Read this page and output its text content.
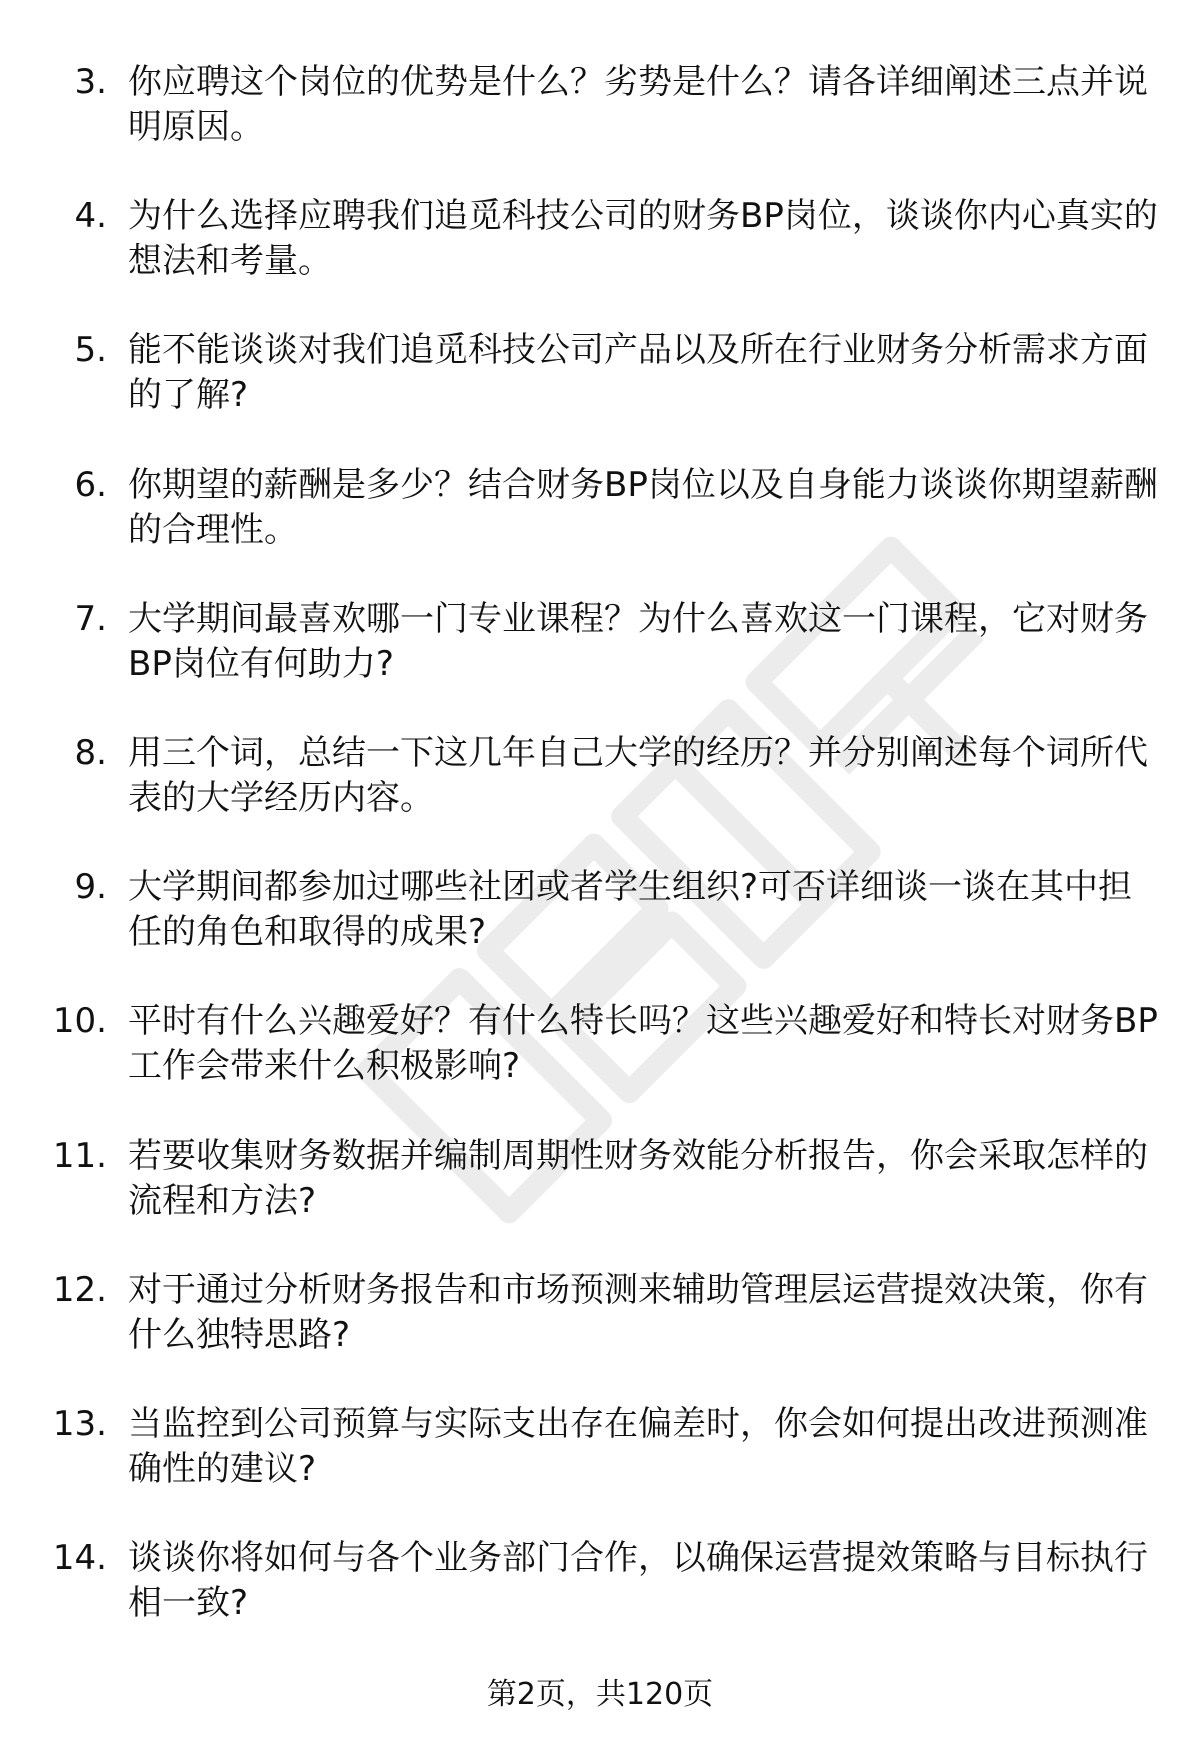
3. 你应聘这个岗位的优势是什么？劣势是什么？请各详细阐述三点并说明原因。
4. 为什么选择应聘我们追觅科技公司的财务BP岗位，谈谈你内心真实的想法和考量。
5. 能不能谈谈对我们追觅科技公司产品以及所在行业财务分析需求方面的了解?
6. 你期望的薪酬是多少？结合财务BP岗位以及自身能力谈谈你期望薪酬的合理性。
7. 大学期间最喜欢哪一门专业课程？为什么喜欢这一门课程，它对财务BP岗位有何助力?
8. 用三个词，总结一下这几年自己大学的经历？并分别阐述每个词所代表的大学经历内容。
9. 大学期间都参加过哪些社团或者学生组织?可否详细谈一谈在其中担任的角色和取得的成果?
10. 平时有什么兴趣爱好？有什么特长吗？这些兴趣爱好和特长对财务BP工作会带来什么积极影响?
11. 若要收集财务数据并编制周期性财务效能分析报告，你会采取怎样的流程和方法?
12. 对于通过分析财务报告和市场预测来辅助管理层运营提效决策，你有什么独特思路?
13. 当监控到公司预算与实际支出存在偏差时，你会如何提出改进预测准确性的建议?
14. 谈谈你将如何与各个业务部门合作，以确保运营提效策略与目标执行相一致?
第2页，共120页
